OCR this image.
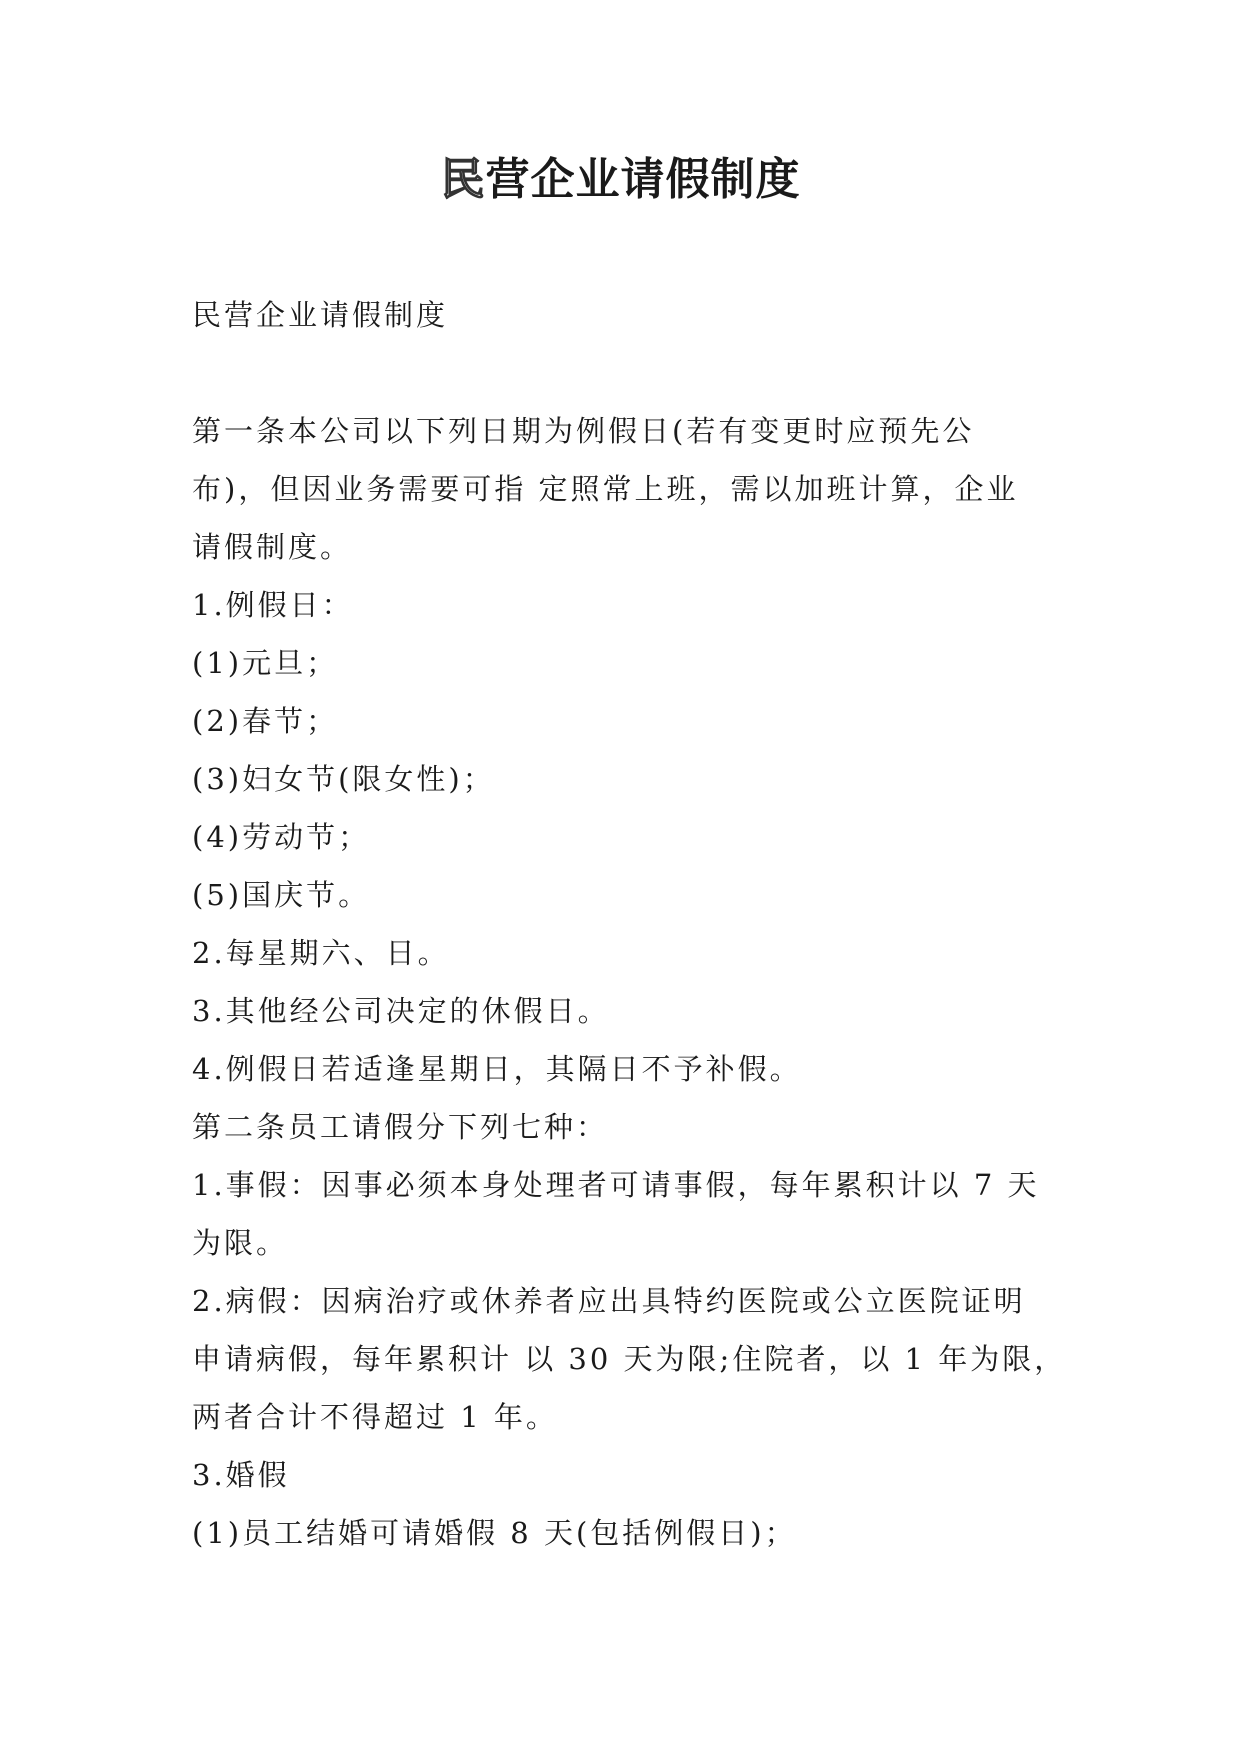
民营企业请假制度
民营企业请假制度
第一条本公司以下列日期为例假日(若有变更时应预先公
布)，但因业务需要可指 定照常上班，需以加班计算，企业
请假制度。
1.例假日：
(1)元旦；
(2)春节；
(3)妇女节(限女性)；
(4)劳动节；
(5)国庆节。
2.每星期六、日。
3.其他经公司决定的休假日。
4.例假日若适逢星期日，其隔日不予补假。
第二条员工请假分下列七种：
1.事假：因事必须本身处理者可请事假，每年累积计以 7 天
为限。
2.病假：因病治疗或休养者应出具特约医院或公立医院证明
申请病假，每年累积计 以 30 天为限;住院者，以 1 年为限，
两者合计不得超过 1 年。
3.婚假
(1)员工结婚可请婚假 8 天(包括例假日)；
